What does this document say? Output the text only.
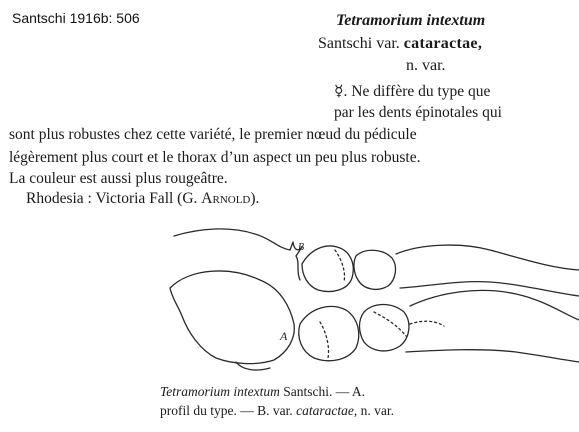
Santschi 1916b: 506	Tetramorium intextum
Santschi var. cataractae,
n. var.
☿. Ne diffère du type que
par les dents épinotales qui
sont plus robustes chez cette variété, le premier nœud du pédicule
légèrement plus court et le thorax d’un aspect un peu plus robuste.
La couleur est aussi plus rougeâtre.
Rhodesia : Victoria Fall (G. Arnold).
A
B
Tetramorium intextum Santschi. — A.
profil du type. — B. var. cataractae, n. var.
